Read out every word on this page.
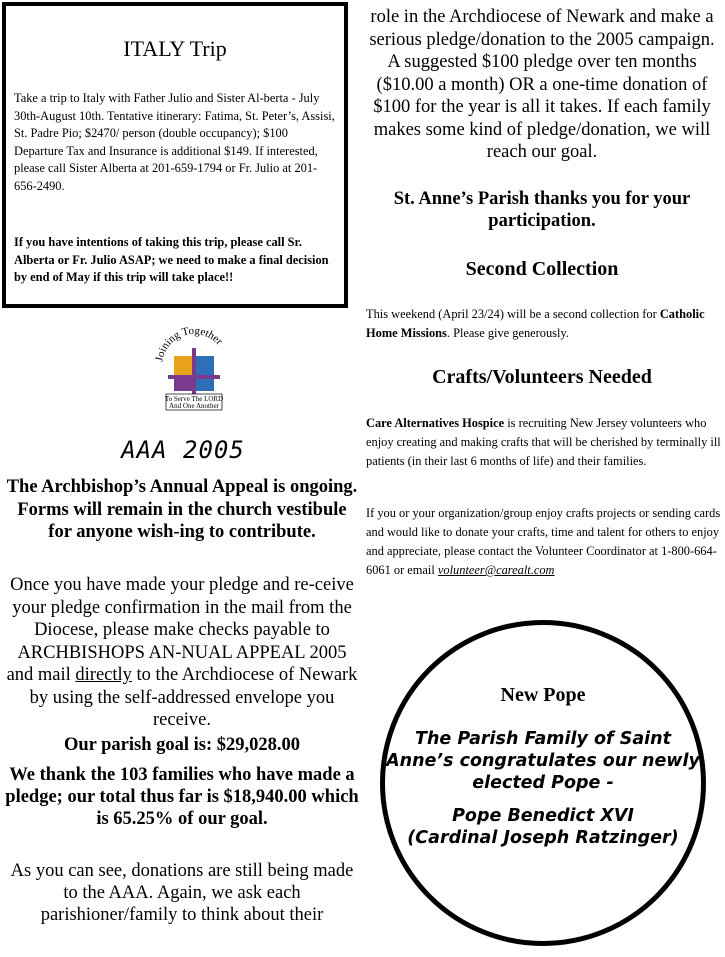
ITALY Trip
Take a trip to Italy with Father Julio and Sister Al-berta - July 30th-August 10th. Tentative itinerary: Fatima, St. Peter’s, Assisi, St. Padre Pio; $2470/ person (double occupancy); $100 Departure Tax and Insurance is additional $149. If interested, please call Sister Alberta at 201-659-1794 or Fr. Julio at 201-656-2490.
If you have intentions of taking this trip, please call Sr. Alberta or Fr. Julio ASAP; we need to make a final decision by end of May if this trip will take place!!
Joining Together
To Serve The LORD
And One Another
AAA 2005
The Archbishop’s Annual Appeal is ongoing. Forms will remain in the church vestibule for anyone wish-ing to contribute.
Once you have made your pledge and re-ceive your pledge confirmation in the mail from the Diocese, please make checks payable to ARCHBISHOPS AN-NUAL APPEAL 2005 and mail directly to the Archdiocese of Newark by using the self-addressed envelope you receive.
Our parish goal is: $29,028.00
We thank the 103 families who have made a pledge; our total thus far is $18,940.00 which is 65.25% of our goal.
As you can see, donations are still being made to the AAA. Again, we ask each parishioner/family to think about their
role in the Archdiocese of Newark and make a serious pledge/donation to the 2005 campaign. A suggested $100 pledge over ten months ($10.00 a month) OR a one-time donation of $100 for the year is all it takes. If each family makes some kind of pledge/donation, we will reach our goal.
St. Anne’s Parish thanks you for your participation.
Second Collection
This weekend (April 23/24) will be a second collection for Catholic Home Missions. Please give generously.
Crafts/Volunteers Needed
Care Alternatives Hospice is recruiting New Jersey volunteers who enjoy creating and making crafts that will be cherished by terminally ill patients (in their last 6 months of life) and their families.
If you or your organization/group enjoy crafts projects or sending cards and would like to donate your crafts, time and talent for others to enjoy and appreciate, please contact the Volunteer Coordinator at 1-800-664-6061 or email volunteer@carealt.com
New Pope
The Parish Family of Saint Anne’s congratulates our newly elected Pope -
Pope Benedict XVI
(Cardinal Joseph Ratzinger)
